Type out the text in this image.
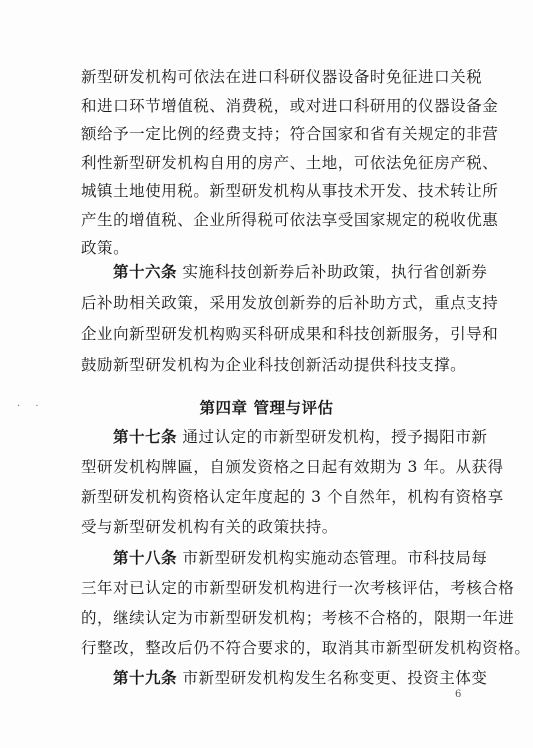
新型研发机构可依法在进口科研仪器设备时免征进口关税
和进口环节增值税、消费税，或对进口科研用的仪器设备金
额给予一定比例的经费支持；符合国家和省有关规定的非营
利性新型研发机构自用的房产、土地，可依法免征房产税、
城镇土地使用税。新型研发机构从事技术开发、技术转让所
产生的增值税、企业所得税可依法享受国家规定的税收优惠
政策。
第十六条 实施科技创新券后补助政策，执行省创新券
后补助相关政策，采用发放创新券的后补助方式，重点支持
企业向新型研发机构购买科研成果和科技创新服务，引导和
· ·	第四章 管理与评估
第十七条 通过认定的市新型研发机构，授予揭阳市新
型研发机构牌匾，自颁发资格之日起有效期为 3 年。从获得
新型研发机构资格认定年度起的 3 个自然年，机构有资格享
受与新型研发机构有关的政策扶持。
第十八条 市新型研发机构实施动态管理。市科技局每
三年对已认定的市新型研发机构进行一次考核评估，考核合格
的，继续认定为市新型研发机构；考核不合格的，限期一年进
行整改，整改后仍不符合要求的，取消其市新型研发机构资格。
第十九条 市新型研发机构发生名称变更、投资主体变
6
鼓励新型研发机构为企业科技创新活动提供科技支撑。
